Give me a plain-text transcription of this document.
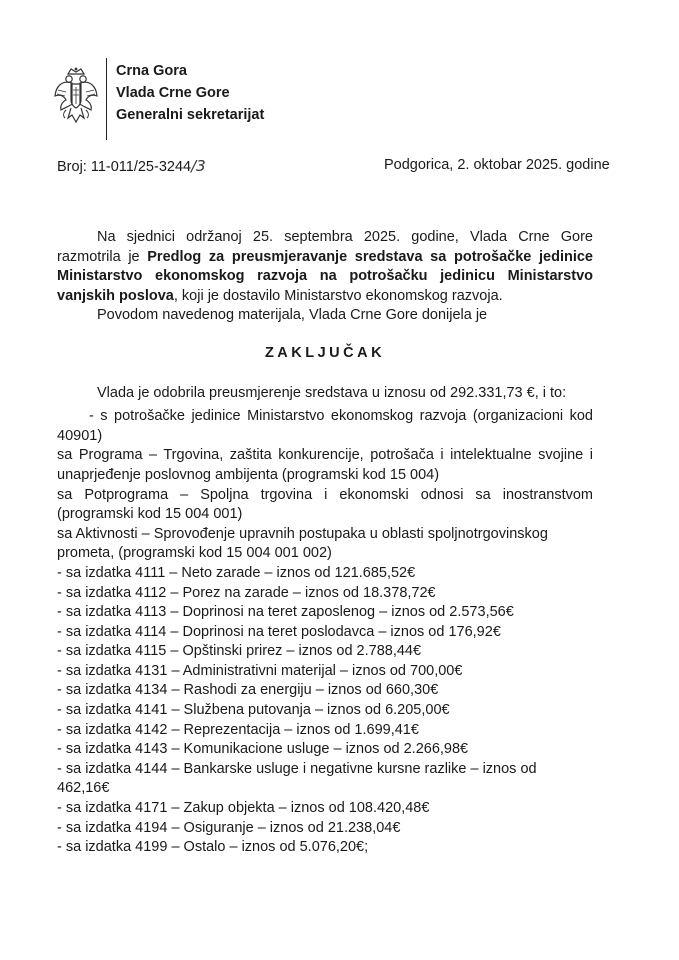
Crna Gora
Vlada Crne Gore
Generalni sekretarijat
Broj: 11-011/25-3244/3	Podgorica, 2. oktobar 2025. godine

Na sjednici održanoj 25. septembra 2025. godine, Vlada Crne Gore razmotrila je Predlog za preusmjeravanje sredstava sa potrošačke jedinice Ministarstvo ekonomskog razvoja na potrošačku jedinicu Ministarstvo vanjskih poslova, koji je dostavilo Ministarstvo ekonomskog razvoja.

Povodom navedenog materijala, Vlada Crne Gore donijela je

ZAKLJUČAK

Vlada je odobrila preusmjerenje sredstava u iznosu od 292.331,73 €, i to:

- s potrošačke jedinice Ministarstvo ekonomskog razvoja (organizacioni kod 40901)

sa Programa – Trgovina, zaštita konkurencije, potrošača i intelektualne svojine i unaprjeđenje poslovnog ambijenta (programski kod 15 004)

sa Potprograma – Spoljna trgovina i ekonomski odnosi sa inostranstvom (programski kod 15 004 001)

sa Aktivnosti – Sprovođenje upravnih postupaka u oblasti spoljnotrgovinskog prometa, (programski kod 15 004 001 002)

- sa izdatka 4111 – Neto zarade – iznos od 121.685,52€

- sa izdatka 4112 – Porez na zarade – iznos od 18.378,72€

- sa izdatka 4113 – Doprinosi na teret zaposlenog – iznos od 2.573,56€

- sa izdatka 4114 – Doprinosi na teret poslodavca – iznos od 176,92€

- sa izdatka 4115 – Opštinski prirez – iznos od 2.788,44€

- sa izdatka 4131 – Administrativni materijal – iznos od 700,00€

- sa izdatka 4134 – Rashodi za energiju – iznos od 660,30€

- sa izdatka 4141 – Službena putovanja – iznos od 6.205,00€

- sa izdatka 4142 – Reprezentacija – iznos od 1.699,41€

- sa izdatka 4143 – Komunikacione usluge – iznos od 2.266,98€

- sa izdatka 4144 – Bankarske usluge i negativne kursne razlike – iznos od 462,16€

- sa izdatka 4171 – Zakup objekta – iznos od 108.420,48€

- sa izdatka 4194 – Osiguranje – iznos od 21.238,04€

- sa izdatka 4199 – Ostalo – iznos od 5.076,20€;
